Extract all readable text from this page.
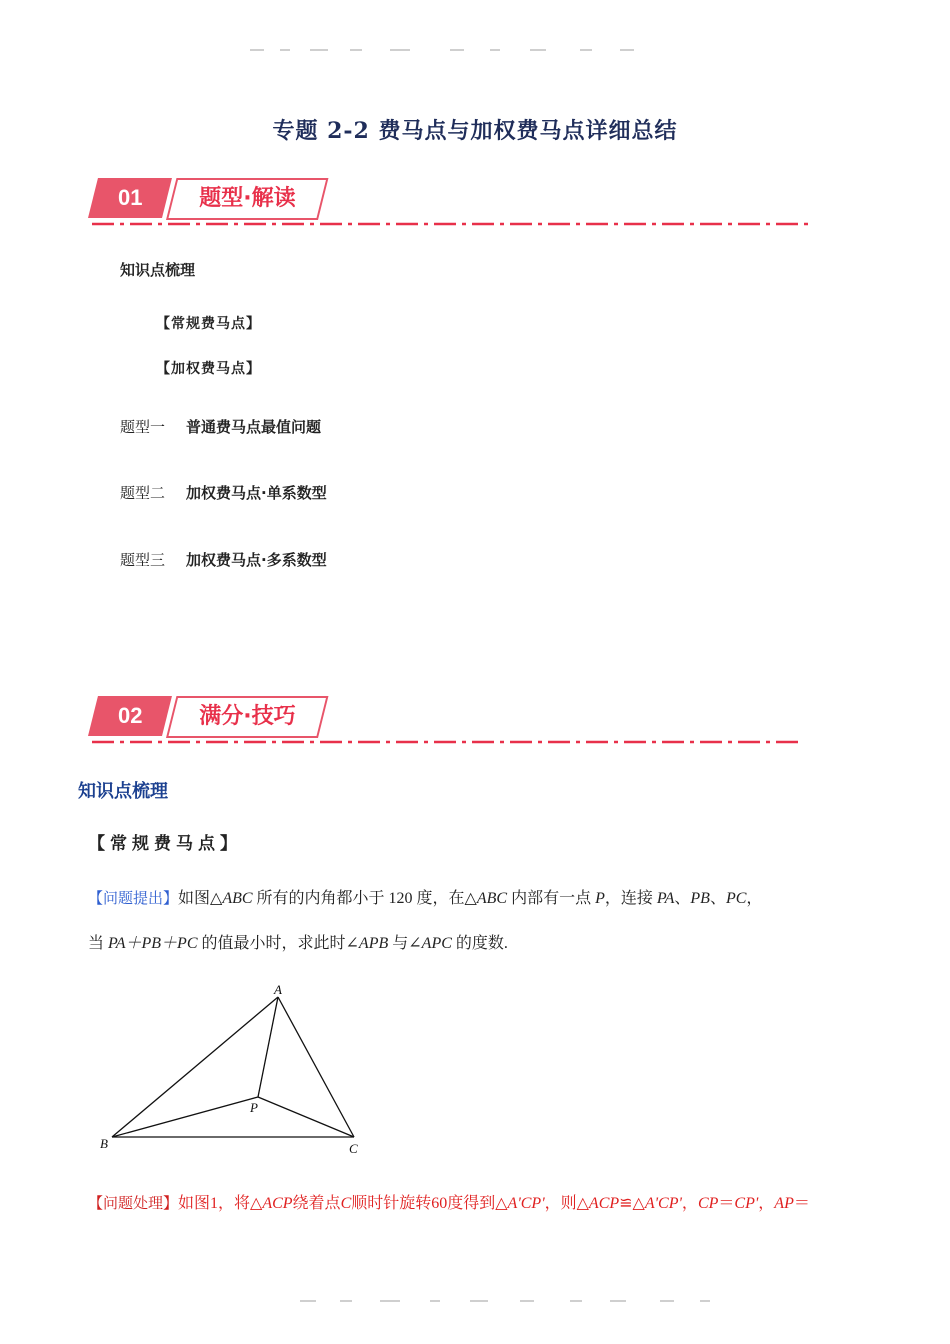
专题 2-2 费马点与加权费马点详细总结
01	题型·解读
知识点梳理
【常规费马点】
【加权费马点】
题型一 普通费马点最值问题
题型二 加权费马点·单系数型
题型三 加权费马点·多系数型
02	满分·技巧
知识点梳理
【常规费马点】
【问题提出】如图△ABC 所有的内角都小于 120 度，在△ABC 内部有一点 P，连接 PA、PB、PC，
当 PA＋PB＋PC 的值最小时，求此时∠APB 与∠APC 的度数.
A
B	C
P
【问题处理】如图1，将△ACP绕着点C顺时针旋转60度得到△A'CP'，则△ACP≌△A'CP'，CP＝CP'，AP＝
